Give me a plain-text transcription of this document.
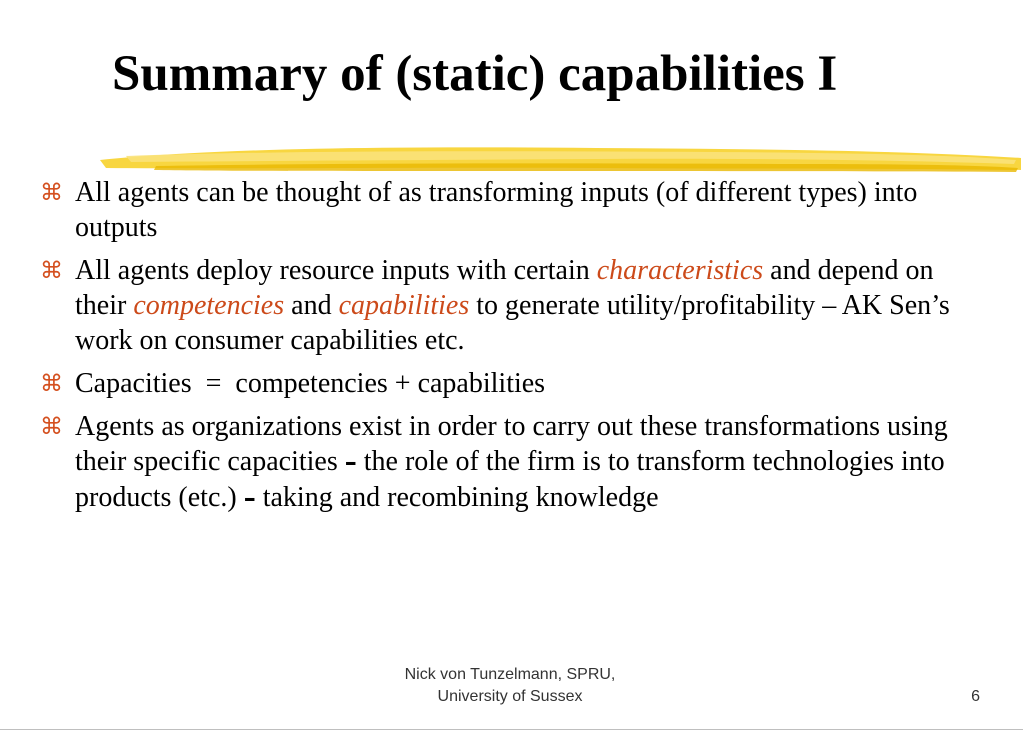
Summary of (static) capabilities I
⌘ All agents can be thought of as transforming inputs (of different types) into outputs
⌘ All agents deploy resource inputs with certain characteristics and depend on their competencies and capabilities to generate utility/profitability – AK Sen’s work on consumer capabilities etc.
⌘ Capacities  =  competencies + capabilities
⌘ Agents as organizations exist in order to carry out these transformations using their specific capacities – the role of the firm is to transform technologies into products (etc.) – taking and recombining knowledge
Nick von Tunzelmann, SPRU,
University of Sussex	6
